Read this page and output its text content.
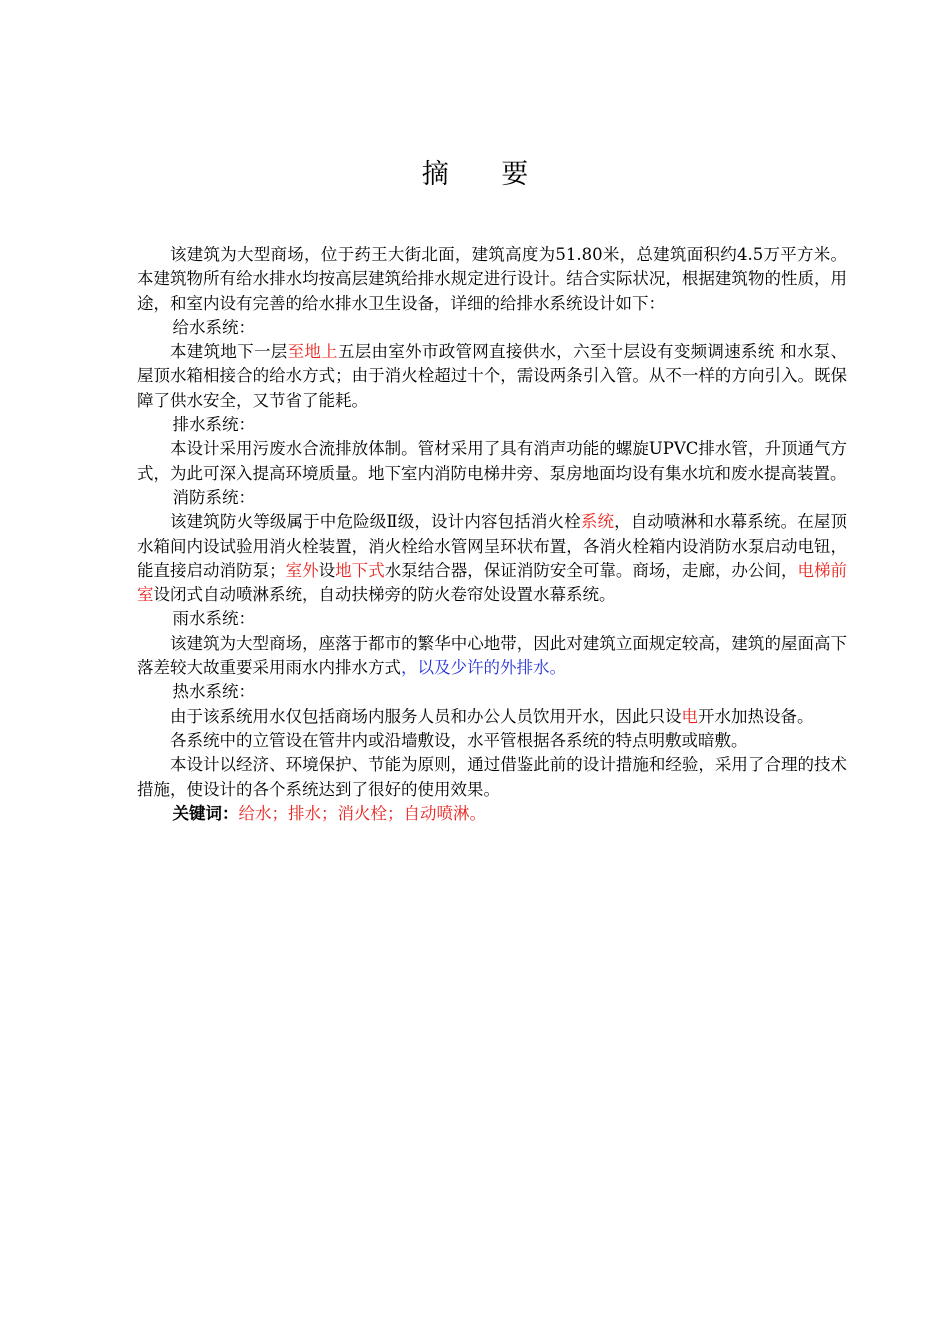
摘 要

该建筑为大型商场，位于药王大街北面，建筑高度为51.80米，总建筑面积约4.5万平方米。本建筑物所有给水排水均按高层建筑给排水规定进行设计。结合实际状况，根据建筑物的性质，用途，和室内设有完善的给水排水卫生设备，详细的给排水系统设计如下：

给水系统：

本建筑地下一层至地上五层由室外市政管网直接供水，六至十层设有变频调速系统 和水泵、屋顶水箱相接合的给水方式；由于消火栓超过十个，需设两条引入管。从不一样的方向引入。既保障了供水安全，又节省了能耗。

排水系统：

本设计采用污废水合流排放体制。管材采用了具有消声功能的螺旋UPVC排水管，升顶通气方式，为此可深入提高环境质量。地下室内消防电梯井旁、泵房地面均设有集水坑和废水提高装置。

消防系统：

该建筑防火等级属于中危险级Ⅱ级，设计内容包括消火栓系统，自动喷淋和水幕系统。在屋顶水箱间内设试验用消火栓装置，消火栓给水管网呈环状布置，各消火栓箱内设消防水泵启动电钮，能直接启动消防泵；室外设地下式水泵结合器，保证消防安全可靠。商场，走廊，办公间，电梯前室设闭式自动喷淋系统，自动扶梯旁的防火卷帘处设置水幕系统。

雨水系统：

该建筑为大型商场，座落于都市的繁华中心地带，因此对建筑立面规定较高，建筑的屋面高下落差较大故重要采用雨水内排水方式，以及少许的外排水。

热水系统：

由于该系统用水仅包括商场内服务人员和办公人员饮用开水，因此只设电开水加热设备。

各系统中的立管设在管井内或沿墙敷设，水平管根据各系统的特点明敷或暗敷。

本设计以经济、环境保护、节能为原则，通过借鉴此前的设计措施和经验，采用了合理的技术措施，使设计的各个系统达到了很好的使用效果。

关键词：给水；排水；消火栓；自动喷淋。
